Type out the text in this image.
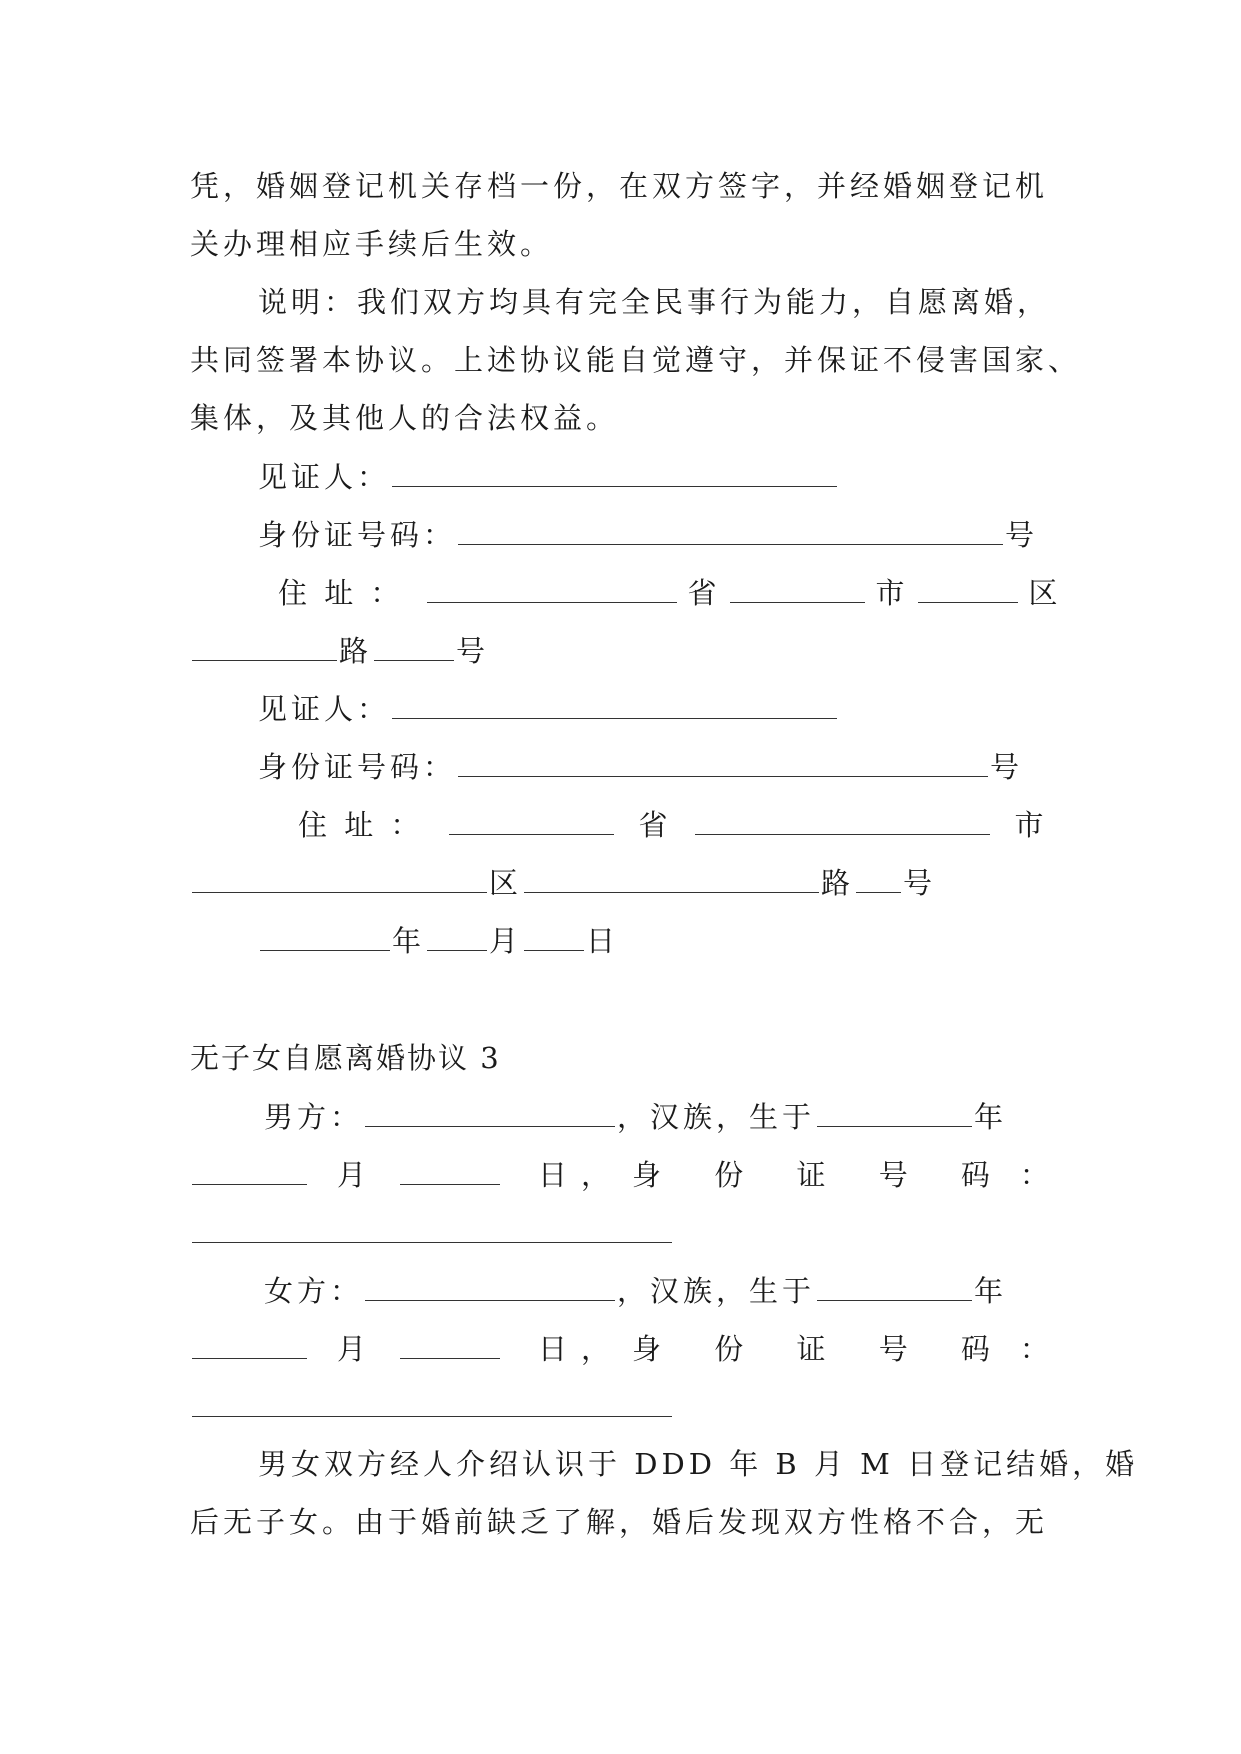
凭，婚姻登记机关存档一份，在双方签字，并经婚姻登记机
关办理相应手续后生效。
说明：我们双方均具有完全民事行为能力，自愿离婚，
共同签署本协议。上述协议能自觉遵守，并保证不侵害国家、
集体，及其他人的合法权益。
见证人：
身份证号码：	号
住 址 ：	省	市	区
路	号
见证人：
身份证号码：	号
住 址 ：	省	市
区	路 号
年 月 日
无子女自愿离婚协议 3
男方：	，汉族，生于	年
月	日 ， 身 份 证 号 码 ：
女方：	，汉族，生于	年
月	日 ， 身 份 证 号 码 ：
男女双方经人介绍认识于 DDD 年 B 月 M 日登记结婚，婚
后无子女。由于婚前缺乏了解，婚后发现双方性格不合，无
